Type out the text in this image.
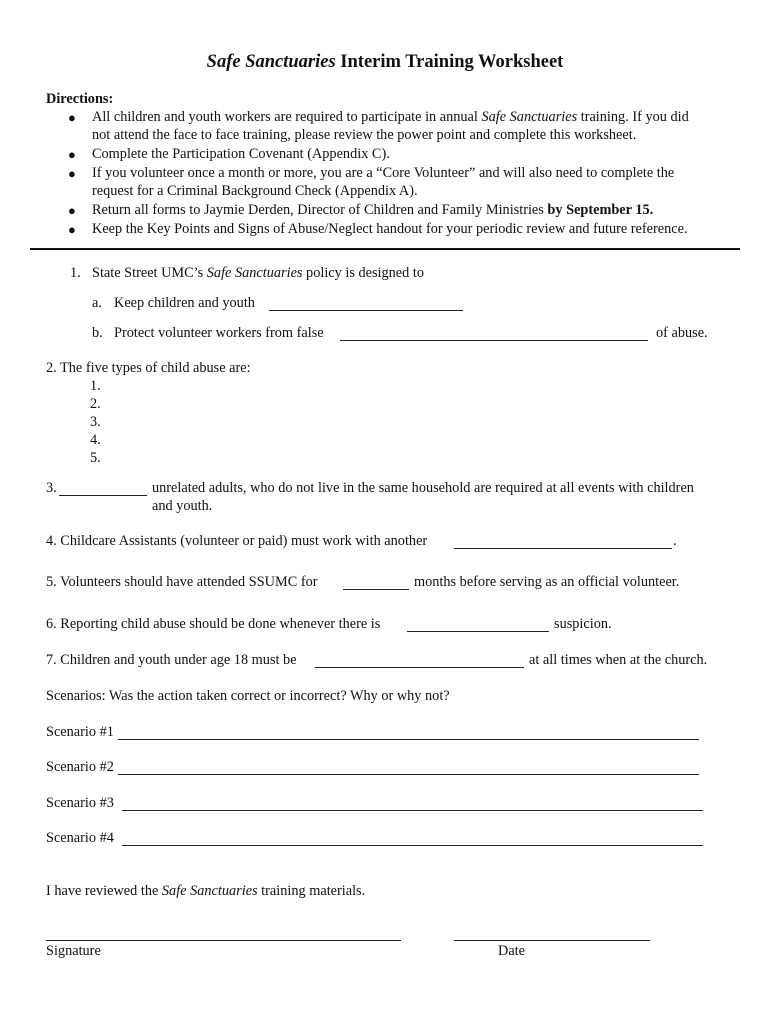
Safe Sanctuaries Interim Training Worksheet
Directions:
● All children and youth workers are required to participate in annual Safe Sanctuaries training. If you did
not attend the face to face training, please review the power point and complete this worksheet.
● Complete the Participation Covenant (Appendix C).
● If you volunteer once a month or more, you are a “Core Volunteer” and will also need to complete the
request for a Criminal Background Check (Appendix A).
● Return all forms to Jaymie Derden, Director of Children and Family Ministries by September 15.
● Keep the Key Points and Signs of Abuse/Neglect handout for your periodic review and future reference.
1. State Street UMC’s Safe Sanctuaries policy is designed to
a. Keep children and youth
b. Protect volunteer workers from false	of abuse.
2. The five types of child abuse are:
1.
2.
3.
4.
5.
3.	unrelated adults, who do not live in the same household are required at all events with children
and youth.
4. Childcare Assistants (volunteer or paid) must work with another	.
5. Volunteers should have attended SSUMC for	months before serving as an official volunteer.
6. Reporting child abuse should be done whenever there is	suspicion.
7. Children and youth under age 18 must be	at all times when at the church.
Scenarios: Was the action taken correct or incorrect? Why or why not?
Scenario #1
Scenario #2
Scenario #3
Scenario #4
I have reviewed the Safe Sanctuaries training materials.
Signature	Date
